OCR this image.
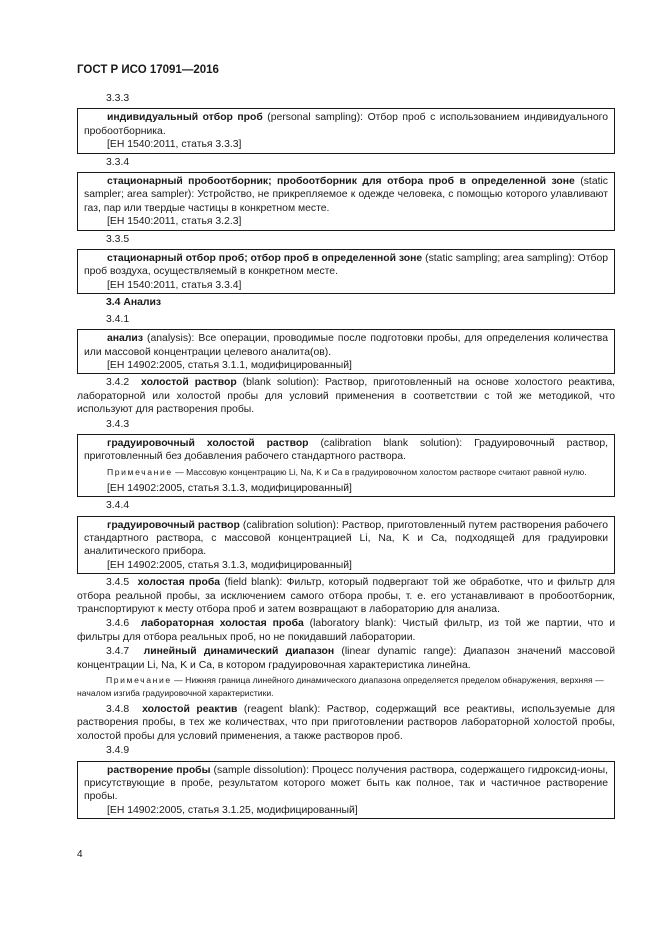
ГОСТ Р ИСО 17091—2016
3.3.3

индивидуальный отбор проб (personal sampling): Отбор проб с использованием индивидуального пробоотборника.

[ЕН 1540:2011, статья 3.3.3]

3.3.4

стационарный пробоотборник; пробоотборник для отбора проб в определенной зоне (static sampler; area sampler): Устройство, не прикрепляемое к одежде человека, с помощью которого улавливают газ, пар или твердые частицы в конкретном месте.

[ЕН 1540:2011, статья 3.2.3]

3.3.5

стационарный отбор проб; отбор проб в определенной зоне (static sampling; area sampling): Отбор проб воздуха, осуществляемый в конкретном месте.

[ЕН 1540:2011, статья 3.3.4]

3.4 Анализ
3.4.1

анализ (analysis): Все операции, проводимые после подготовки пробы, для определения количества или массовой концентрации целевого аналита(ов).

[ЕН 14902:2005, статья 3.1.1, модифицированный]

3.4.2 холостой раствор (blank solution): Раствор, приготовленный на основе холостого реактива, лабораторной или холостой пробы для условий применения в соответствии с той же методикой, что используют для растворения пробы.

3.4.3

градуировочный холостой раствор (calibration blank solution): Градуировочный раствор, приготовленный без добавления рабочего стандартного раствора.

Примечание — Массовую концентрацию Li, Na, K и Ca в градуировочном холостом растворе считают равной нулю.

[ЕН 14902:2005, статья 3.1.3, модифицированный]

3.4.4

градуировочный раствор (calibration solution): Раствор, приготовленный путем растворения рабочего стандартного раствора, с массовой концентрацией Li, Na, K и Ca, подходящей для градуировки аналитического прибора.

[ЕН 14902:2005, статья 3.1.3, модифицированный]

3.4.5 холостая проба (field blank): Фильтр, который подвергают той же обработке, что и фильтр для отбора реальной пробы, за исключением самого отбора пробы, т. е. его устанавливают в пробоотборник, транспортируют к месту отбора проб и затем возвращают в лабораторию для анализа.

3.4.6 лабораторная холостая проба (laboratory blank): Чистый фильтр, из той же партии, что и фильтры для отбора реальных проб, но не покидавший лаборатории.

3.4.7 линейный динамический диапазон (linear dynamic range): Диапазон значений массовой концентрации Li, Na, K и Ca, в котором градуировочная характеристика линейна.

Примечание — Нижняя граница линейного динамического диапазона определяется пределом обнаружения, верхняя — началом изгиба градуировочной характеристики.

3.4.8 холостой реактив (reagent blank): Раствор, содержащий все реактивы, используемые для растворения пробы, в тех же количествах, что при приготовлении растворов лабораторной холостой пробы, холостой пробы для условий применения, а также растворов проб.

3.4.9

растворение пробы (sample dissolution): Процесс получения раствора, содержащего гидроксид-ионы, присутствующие в пробе, результатом которого может быть как полное, так и частичное растворение пробы.

[ЕН 14902:2005, статья 3.1.25, модифицированный]

4
